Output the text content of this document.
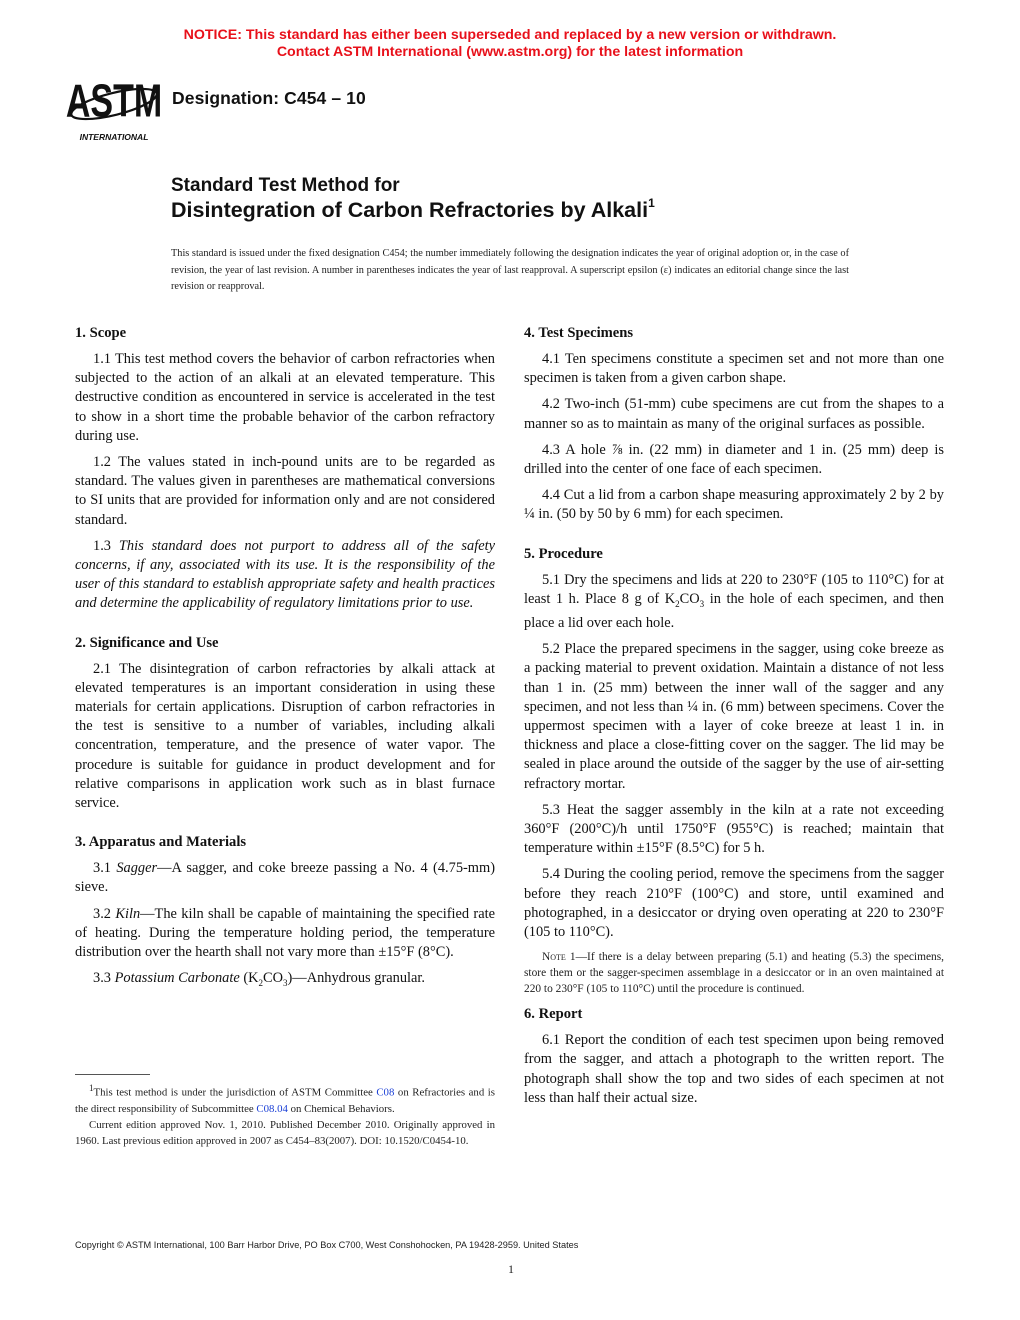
NOTICE: This standard has either been superseded and replaced by a new version or withdrawn.
Contact ASTM International (www.astm.org) for the latest information
ASTM
INTERNATIONAL
Designation: C454 – 10
Standard Test Method for
Disintegration of Carbon Refractories by Alkali$^1$
This standard is issued under the fixed designation C454; the number immediately following the designation indicates the year of original adoption or, in the case of revision, the year of last revision. A number in parentheses indicates the year of last reapproval. A superscript epsilon (ε) indicates an editorial change since the last revision or reapproval.
1. Scope

1.1 This test method covers the behavior of carbon refractories when subjected to the action of an alkali at an elevated temperature. This destructive condition as encountered in service is accelerated in the test to show in a short time the probable behavior of the carbon refractory during use.

1.2 The values stated in inch-pound units are to be regarded as standard. The values given in parentheses are mathematical conversions to SI units that are provided for information only and are not considered standard.

1.3 This standard does not purport to address all of the safety concerns, if any, associated with its use. It is the responsibility of the user of this standard to establish appropriate safety and health practices and determine the applicability of regulatory limitations prior to use.

2. Significance and Use

2.1 The disintegration of carbon refractories by alkali attack at elevated temperatures is an important consideration in using these materials for certain applications. Disruption of carbon refractories in the test is sensitive to a number of variables, including alkali concentration, temperature, and the presence of water vapor. The procedure is suitable for guidance in product development and for relative comparisons in application work such as in blast furnace service.

3. Apparatus and Materials

3.1 Sagger—A sagger, and coke breeze passing a No. 4 (4.75-mm) sieve.

3.2 Kiln—The kiln shall be capable of maintaining the specified rate of heating. During the temperature holding period, the temperature distribution over the hearth shall not vary more than ±15°F (8°C).

3.3 Potassium Carbonate $(K_2CO_3)—Anhydrous$ granular.

$^1$This test method is under the jurisdiction of ASTM Committee C08 on Refractories and is the direct responsibility of Subcommittee C08.04 on Chemical Behaviors.

Current edition approved Nov. 1, 2010. Published December 2010. Originally approved in 1960. Last previous edition approved in 2007 as C454–83(2007). DOI: 10.1520/C0454-10.

4. Test Specimens

4.1 Ten specimens constitute a specimen set and not more than one specimen is taken from a given carbon shape.

4.2 Two-inch (51-mm) cube specimens are cut from the shapes to a manner so as to maintain as many of the original surfaces as possible.

4.3 A hole ⅞ in. (22 mm) in diameter and 1 in. (25 mm) deep is drilled into the center of one face of each specimen.

4.4 Cut a lid from a carbon shape measuring approximately 2 by 2 by ¼ in. (50 by 50 by 6 mm) for each specimen.

5. Procedure

5.1 Dry the specimens and lids at 220 to 230°F (105 to 110°C) for at least 1 h. Place 8 g of $K_2CO_3$ in the hole of each specimen, and then place a lid over each hole.

5.2 Place the prepared specimens in the sagger, using coke breeze as a packing material to prevent oxidation. Maintain a distance of not less than 1 in. (25 mm) between the inner wall of the sagger and any specimen, and not less than ¼ in. (6 mm) between specimens. Cover the uppermost specimen with a layer of coke breeze at least 1 in. in thickness and place a close-fitting cover on the sagger. The lid may be sealed in place around the outside of the sagger by the use of air-setting refractory mortar.

5.3 Heat the sagger assembly in the kiln at a rate not exceeding 360°F (200°C)/h until 1750°F (955°C) is reached; maintain that temperature within ±15°F (8.5°C) for 5 h.

5.4 During the cooling period, remove the specimens from the sagger before they reach 210°F (100°C) and store, until examined and photographed, in a desiccator or drying oven operating at 220 to 230°F (105 to 110°C).

Note 1—If there is a delay between preparing (5.1) and heating (5.3) the specimens, store them or the sagger-specimen assemblage in a desiccator or in an oven maintained at 220 to 230°F (105 to 110°C) until the procedure is continued.

6. Report

6.1 Report the condition of each test specimen upon being removed from the sagger, and attach a photograph to the written report. The photograph shall show the top and two sides of each specimen at not less than half their actual size.

Copyright © ASTM International, 100 Barr Harbor Drive, PO Box C700, West Conshohocken, PA 19428-2959. United States
1
